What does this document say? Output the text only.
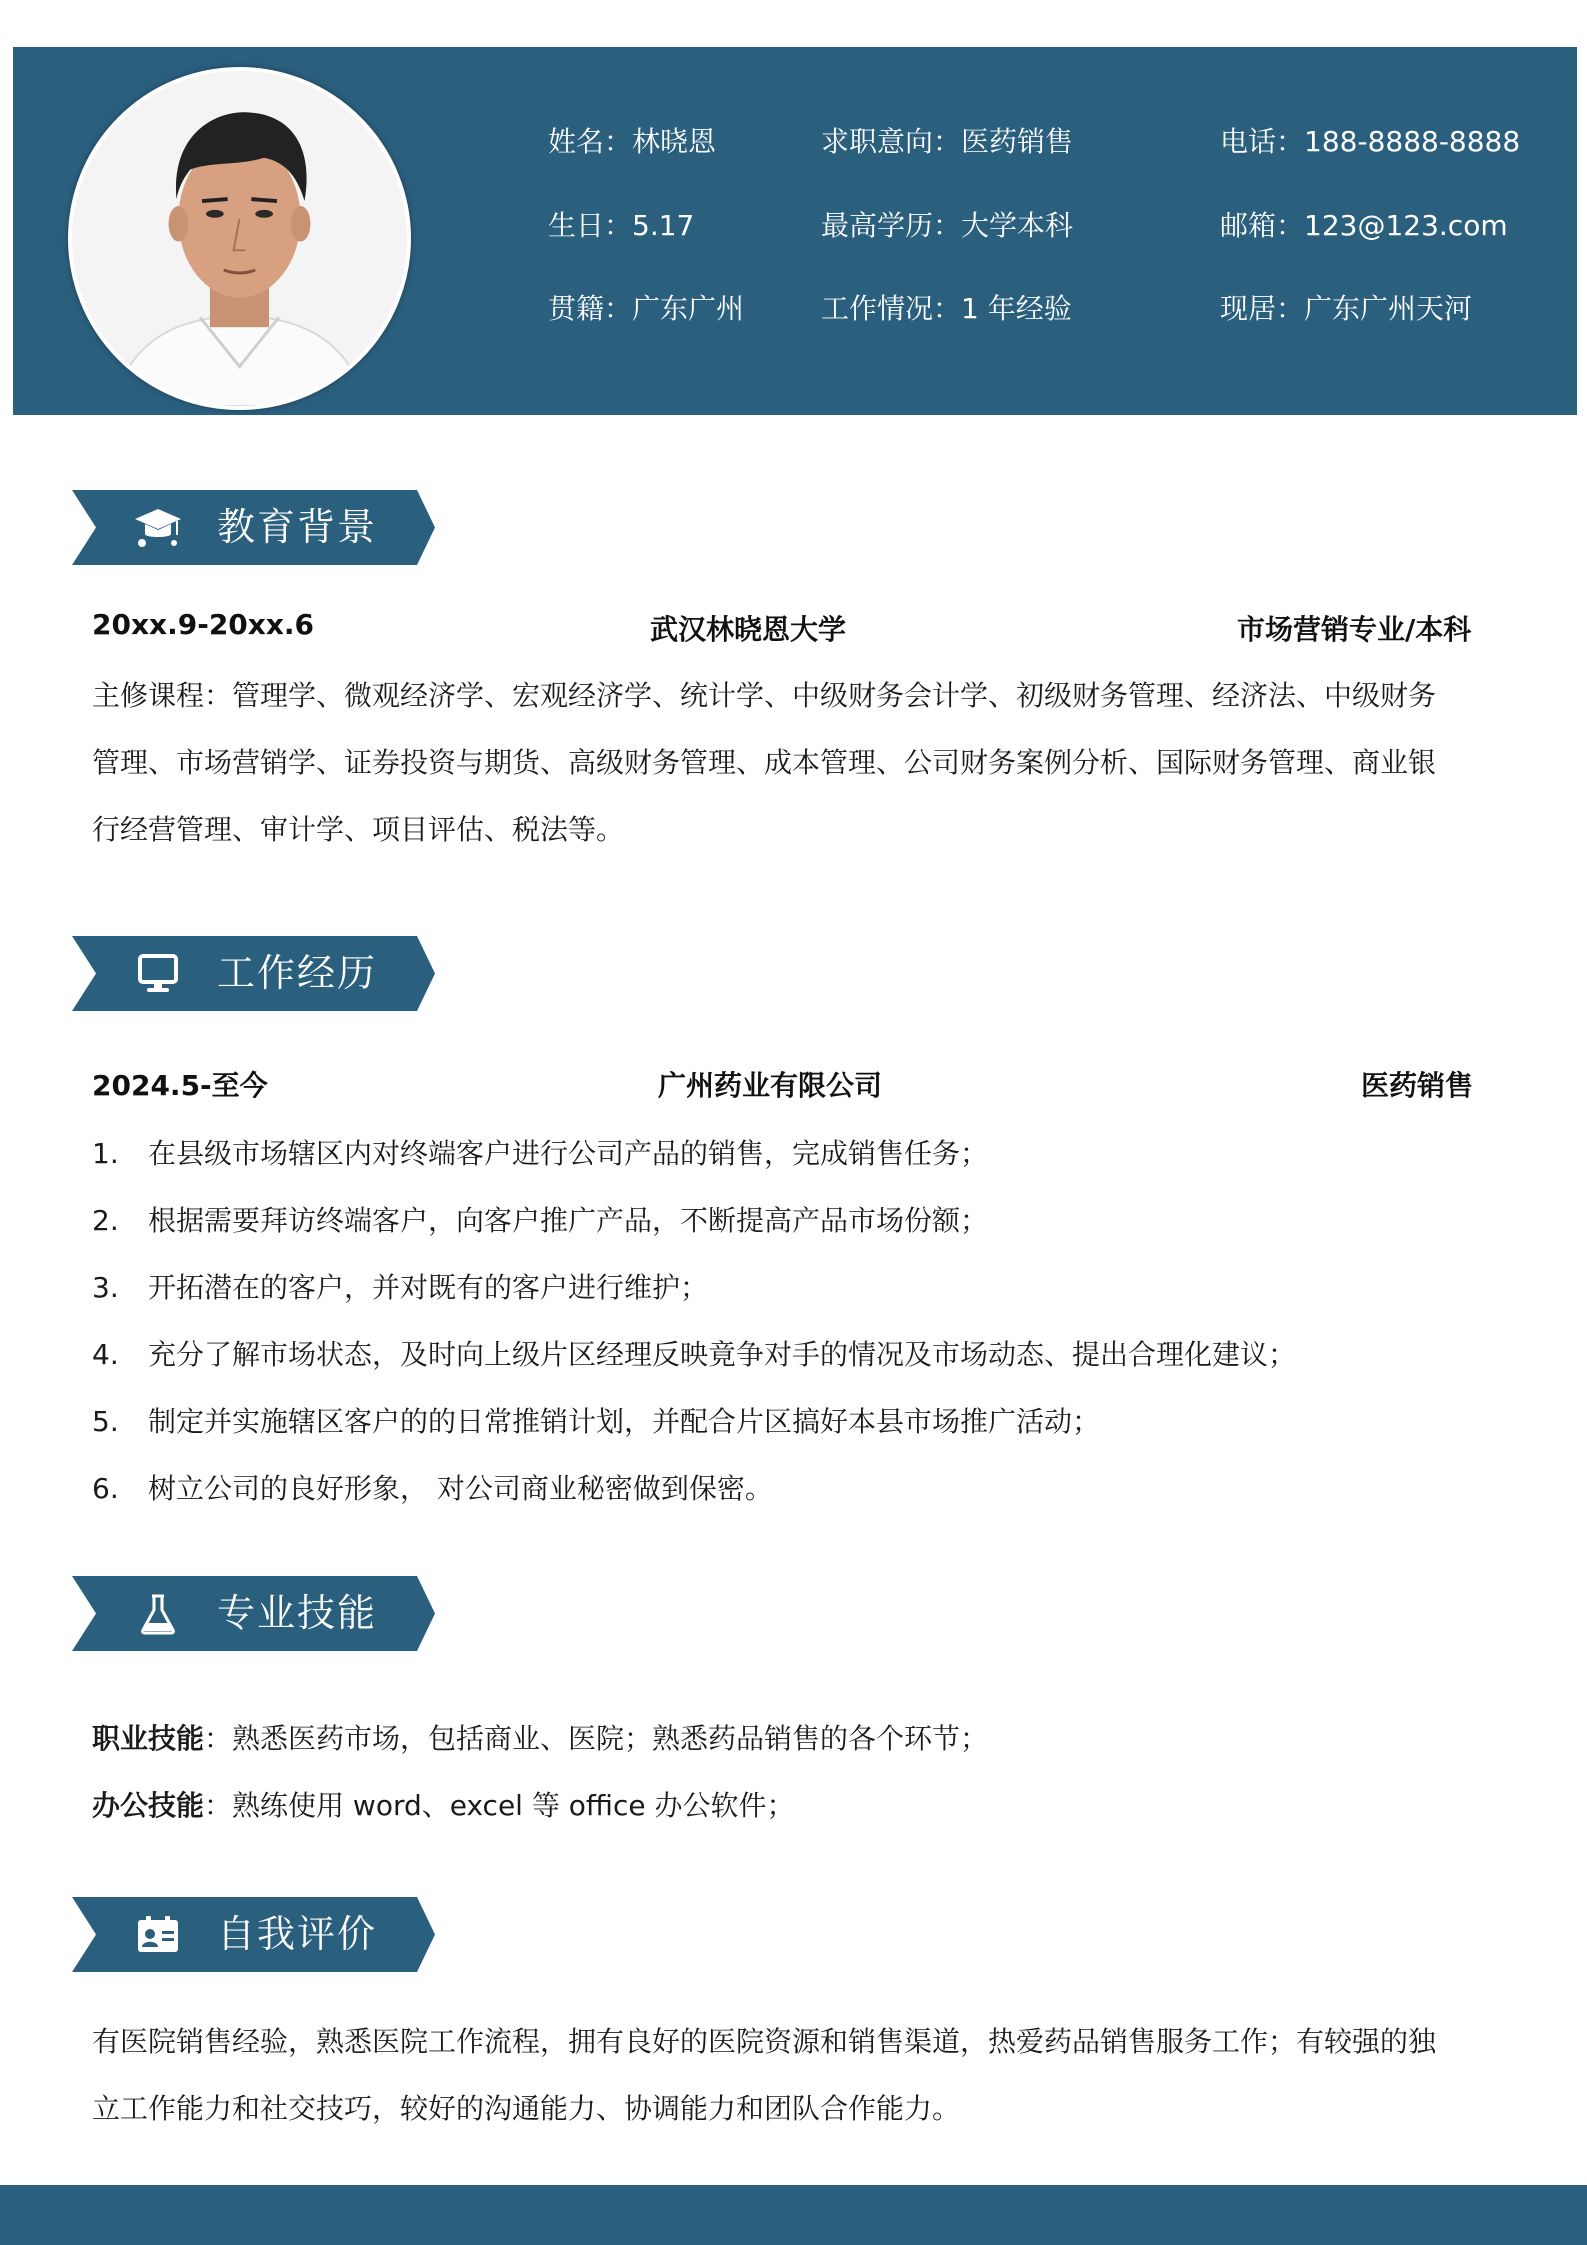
姓名：林晓恩	求职意向：医药销售	电话：188-8888-8888
生日：5.17	最高学历：大学本科	邮箱：123@123.com
贯籍：广东广州	工作情况：1 年经验	现居：广东广州天河
教育背景
20xx.9-20xx.6	武汉林晓恩大学	市场营销专业/本科
主修课程：管理学、微观经济学、宏观经济学、统计学、中级财务会计学、初级财务管理、经济法、中级财务
管理、市场营销学、证券投资与期货、高级财务管理、成本管理、公司财务案例分析、国际财务管理、商业银
行经营管理、审计学、项目评估、税法等。
工作经历
2024.5-至今	广州药业有限公司	医药销售
1. 在县级市场辖区内对终端客户进行公司产品的销售，完成销售任务；
2. 根据需要拜访终端客户，向客户推广产品，不断提高产品市场份额；
3. 开拓潜在的客户，并对既有的客户进行维护；
4. 充分了解市场状态，及时向上级片区经理反映竟争对手的情况及市场动态、提出合理化建议；
5. 制定并实施辖区客户的的日常推销计划，并配合片区搞好本县市场推广活动；
6. 树立公司的良好形象， 对公司商业秘密做到保密。
专业技能
职业技能：熟悉医药市场，包括商业、医院；熟悉药品销售的各个环节；
办公技能：熟练使用 word、excel 等 office 办公软件；
自我评价
有医院销售经验，熟悉医院工作流程，拥有良好的医院资源和销售渠道，热爱药品销售服务工作；有较强的独
立工作能力和社交技巧，较好的沟通能力、协调能力和团队合作能力。
